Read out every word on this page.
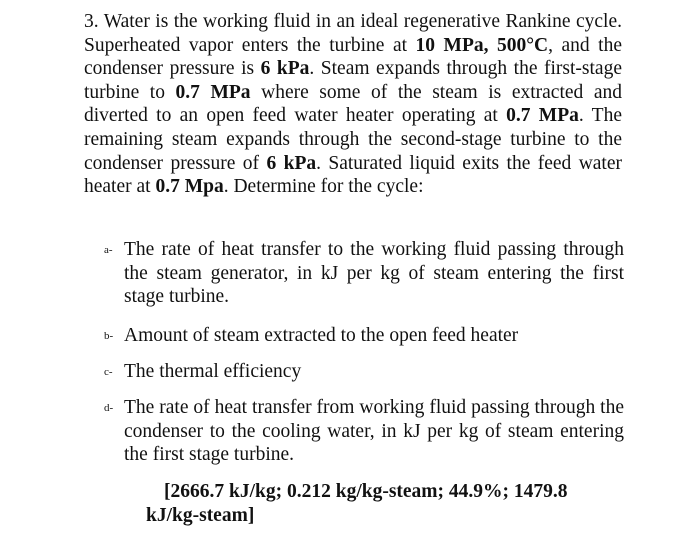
3. Water is the working fluid in an ideal regenerative Rankine cycle. Superheated vapor enters the turbine at 10 MPa, 500°C, and the condenser pressure is 6 kPa. Steam expands through the first-stage turbine to 0.7 MPa where some of the steam is extracted and diverted to an open feed water heater operating at 0.7 MPa. The remaining steam expands through the second-stage turbine to the condenser pressure of 6 kPa. Saturated liquid exits the feed water heater at 0.7 Mpa. Determine for the cycle:
a- The rate of heat transfer to the working fluid passing through the steam generator, in kJ per kg of steam entering the first stage turbine.
b- Amount of steam extracted to the open feed heater
c- The thermal efficiency
d- The rate of heat transfer from working fluid passing through the condenser to the cooling water, in kJ per kg of steam entering the first stage turbine.
[2666.7 kJ/kg; 0.212 kg/kg-steam; 44.9%; 1479.8
kJ/kg-steam]
